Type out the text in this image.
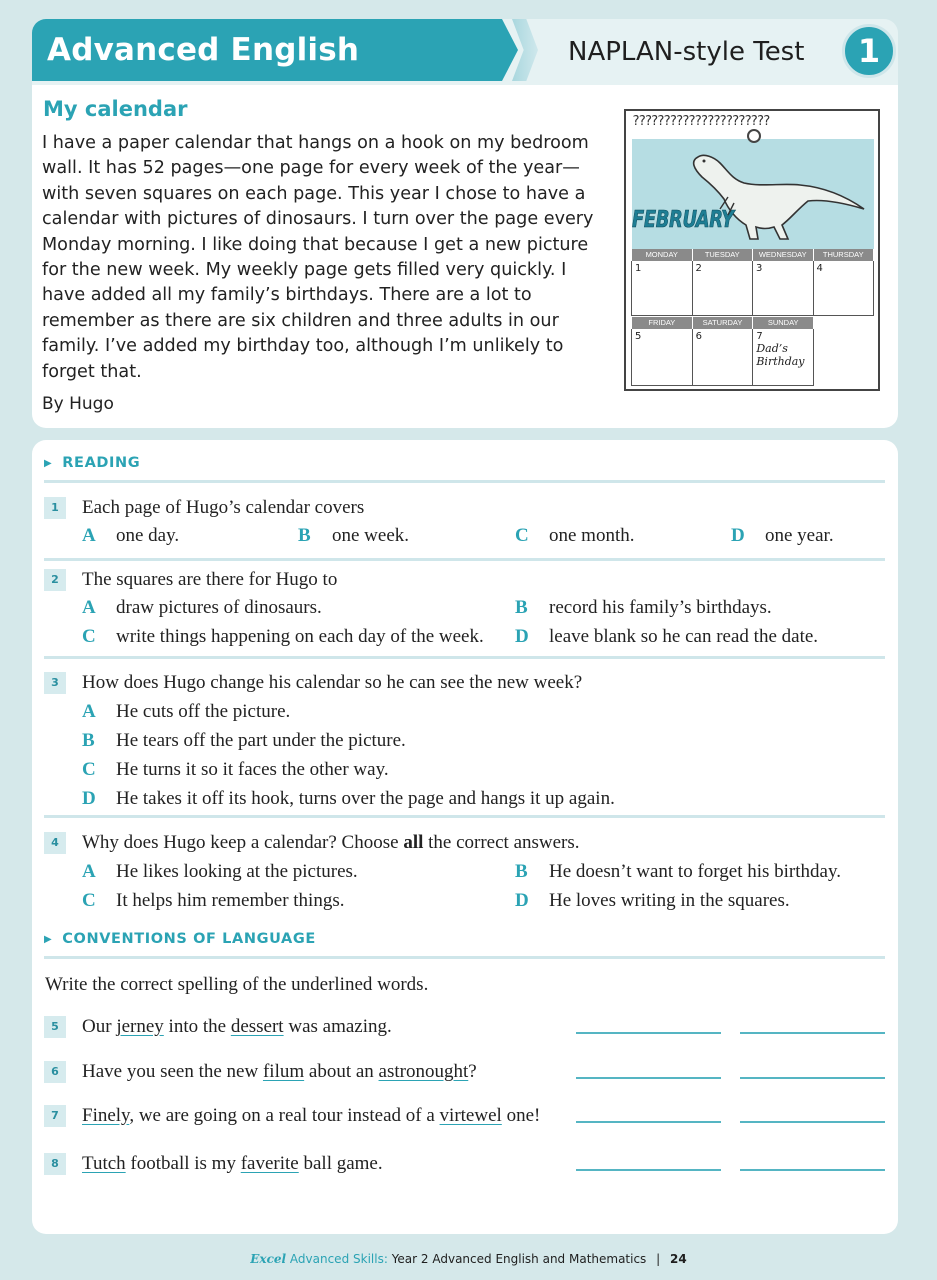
Advanced English	NAPLAN-style Test	1
My calendar
I have a paper calendar that hangs on a hook on my bedroom wall. It has 52 pages—one page for every week of the year—with seven squares on each page. This year I chose to have a calendar with pictures of dinosaurs. I turn over the page every Monday morning. I like doing that because I get a new picture for the new week. My weekly page gets filled very quickly. I have added all my family’s birthdays. There are a lot to remember as there are six children and three adults in our family. I’ve added my birthday too, although I’m unlikely to forget that.
By Hugo
??????????????????????
FEBRUARY
MONDAY	TUESDAY	WEDNESDAY	THURSDAY
1	2	3	4
FRIDAY	SATURDAY	SUNDAY
5	6	7
Dad’s
Birthday
▶ READING
1	Each page of Hugo’s calendar covers
A one day.	B one week.	C one month.	D one year.
2	The squares are there for Hugo to
A draw pictures of dinosaurs.	B record his family’s birthdays.
C write things happening on each day of the week. D leave blank so he can read the date.
3	How does Hugo change his calendar so he can see the new week?
A He cuts off the picture.
B He tears off the part under the picture.
C He turns it so it faces the other way.
D He takes it off its hook, turns over the page and hangs it up again.
4	Why does Hugo keep a calendar? Choose all the correct answers.
A He likes looking at the pictures.	B He doesn’t want to forget his birthday.
C It helps him remember things.	D He loves writing in the squares.
▶ CONVENTIONS OF LANGUAGE
Write the correct spelling of the underlined words.
5	Our jerney into the dessert was amazing.
6	Have you seen the new filum about an astronought?
7	Finely, we are going on a real tour instead of a virtewel one!
8	Tutch football is my faverite ball game.
Excel Advanced Skills: Year 2 Advanced English and Mathematics | 24
